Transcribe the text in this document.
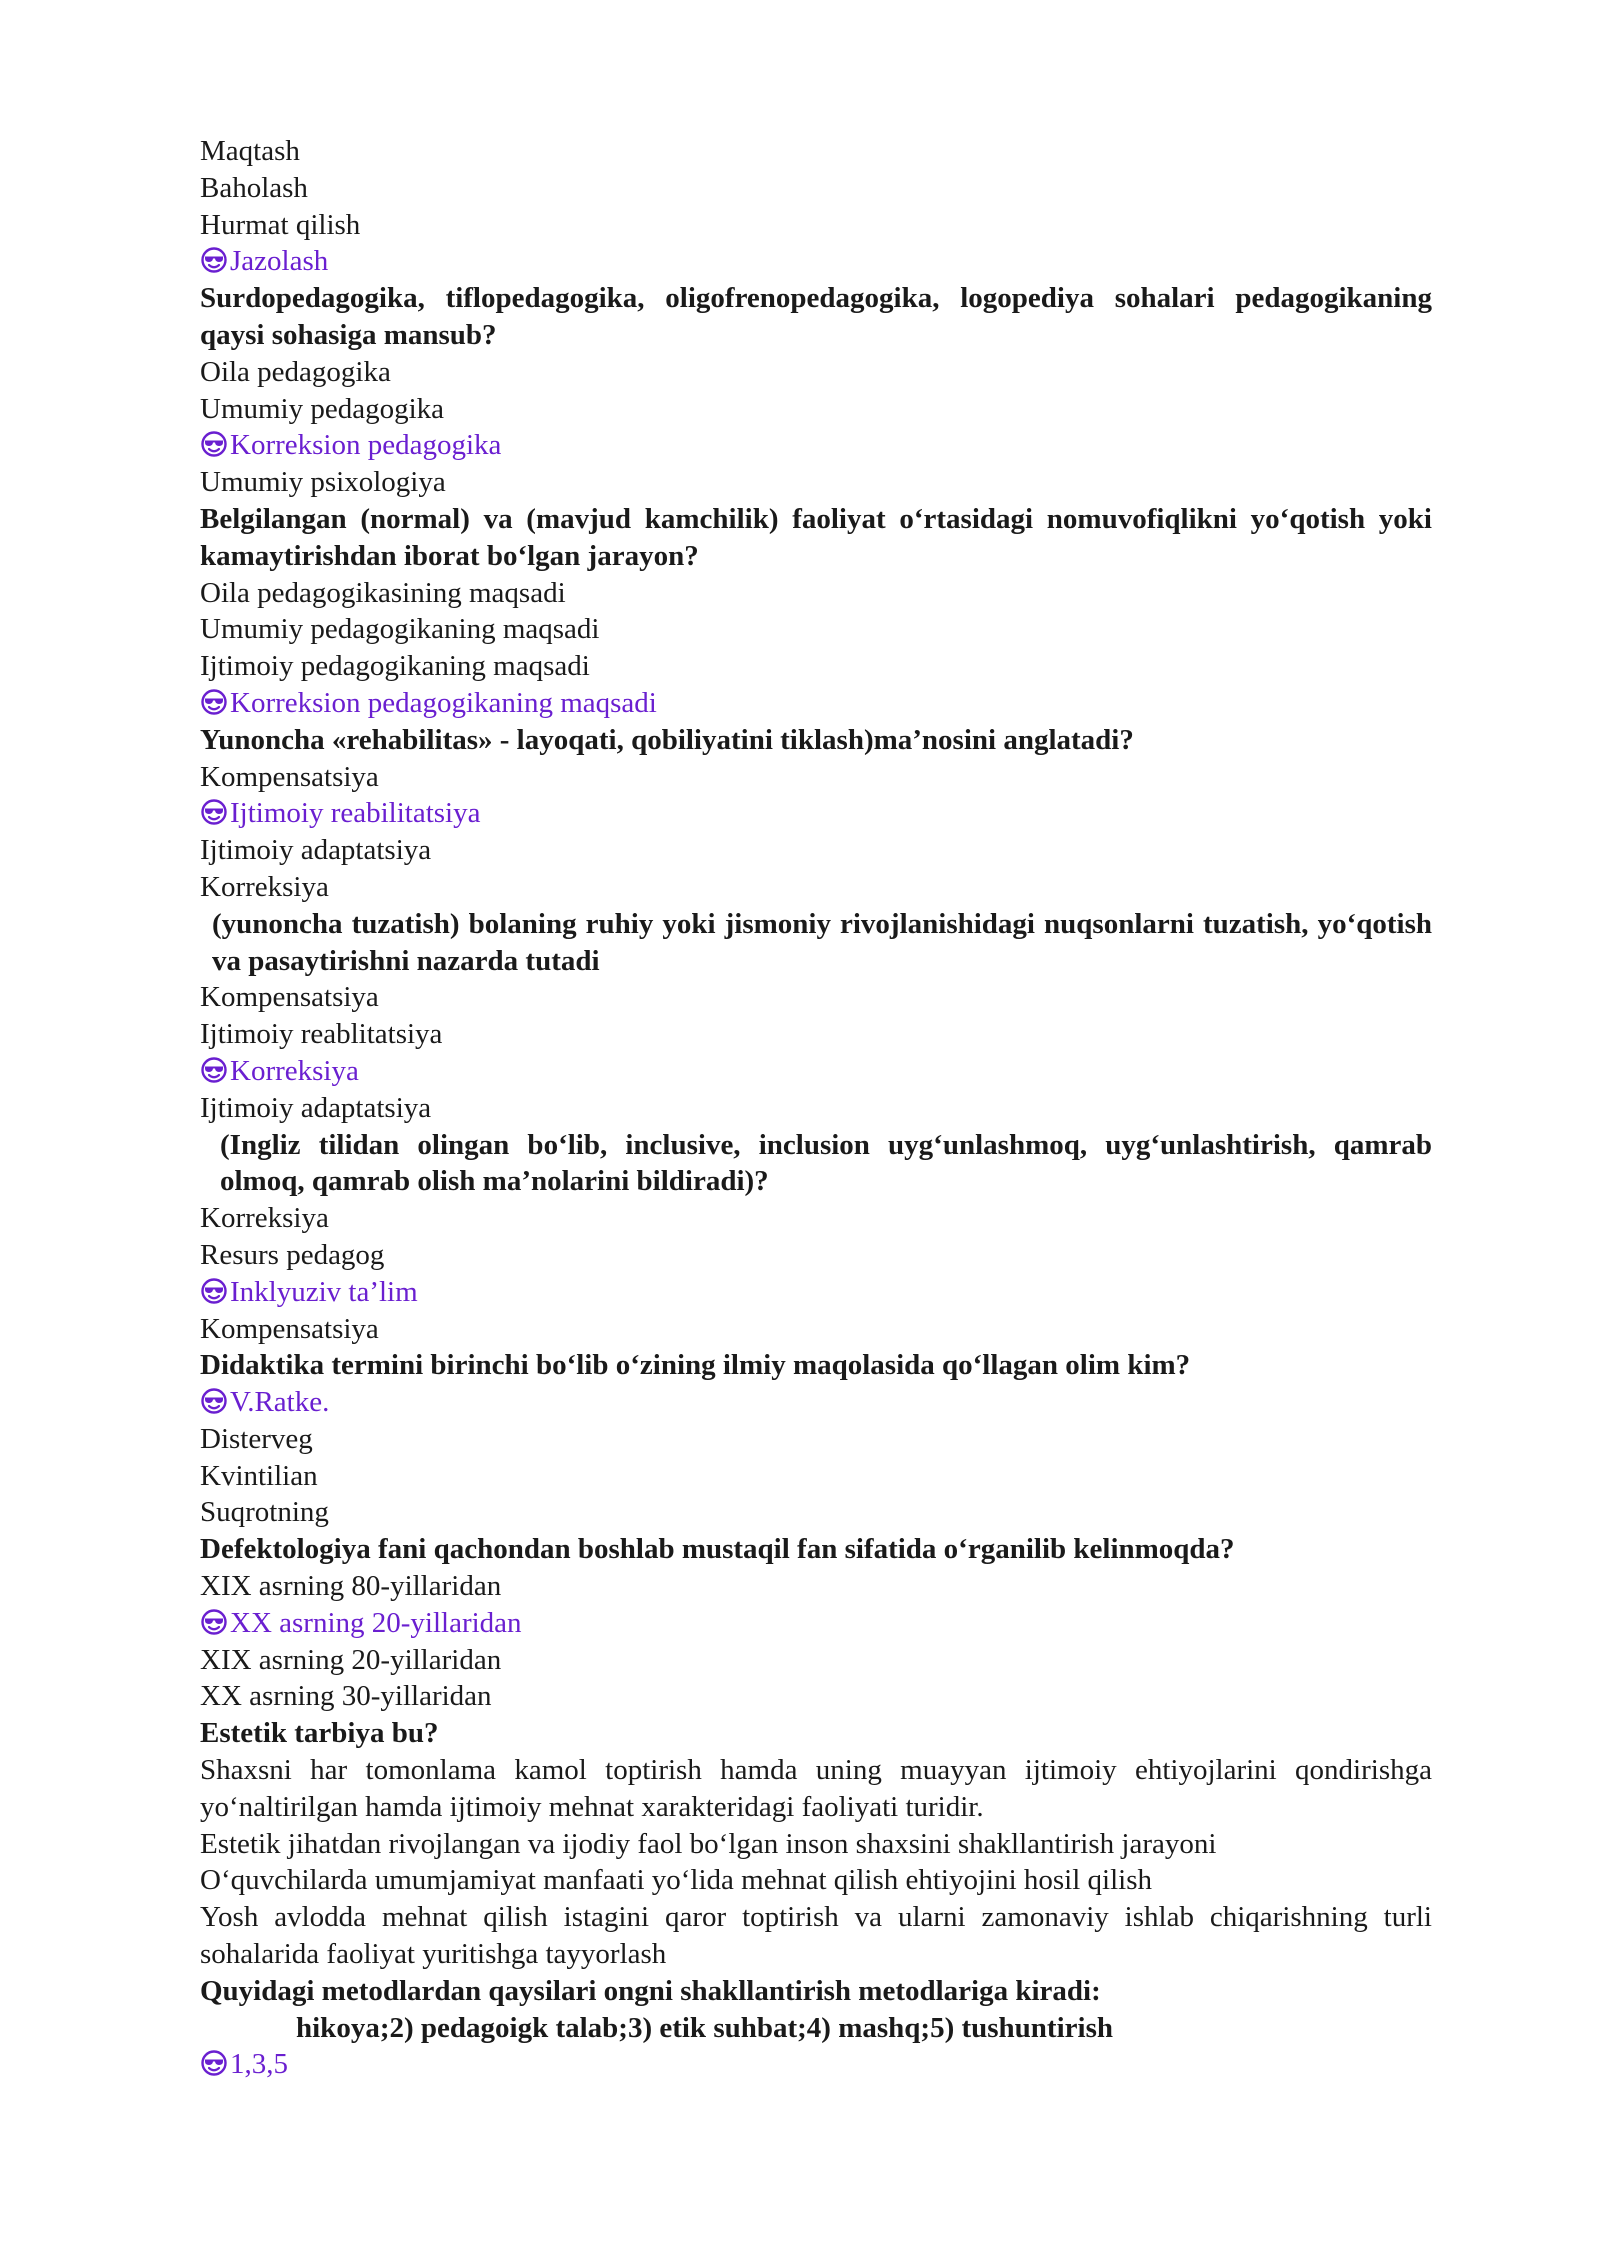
Maqtash
Baholash
Hurmat qilish
Jazolash
Surdopedagogika, tiflopedagogika, oligofrenopedagogika, logopediya sohalari pedagogikaning qaysi sohasiga mansub?
Oila pedagogika
Umumiy pedagogika
Korreksion pedagogika
Umumiy psixologiya
Belgilangan (normal) va (mavjud kamchilik) faoliyat o‘rtasidagi nomuvofiqlikni yo‘qotish yoki kamaytirishdan iborat bo‘lgan jarayon?
Oila pedagogikasining maqsadi
Umumiy pedagogikaning maqsadi
Ijtimoiy pedagogikaning maqsadi
Korreksion pedagogikaning maqsadi
Yunoncha «rehabilitas» - layoqati, qobiliyatini tiklash)ma’nosini anglatadi?
Kompensatsiya
Ijtimoiy reabilitatsiya
Ijtimoiy adaptatsiya
Korreksiya
(yunoncha tuzatish) bolaning ruhiy yoki jismoniy rivojlanishidagi nuqsonlarni tuzatish, yo‘qotish va pasaytirishni nazarda tutadi
Kompensatsiya
Ijtimoiy reablitatsiya
Korreksiya
Ijtimoiy adaptatsiya
(Ingliz tilidan olingan bo‘lib, inclusive, inclusion uyg‘unlashmoq, uyg‘unlashtirish, qamrab olmoq, qamrab olish ma’nolarini bildiradi)?
Korreksiya
Resurs pedagog
Inklyuziv ta’lim
Kompensatsiya
Didaktika termini birinchi bo‘lib o‘zining ilmiy maqolasida qo‘llagan olim kim?
V.Ratke.
Disterveg
Kvintilian
Suqrotning
Defektologiya fani qachondan boshlab mustaqil fan sifatida o‘rganilib kelinmoqda?
XIX asrning 80-yillaridan
XX asrning 20-yillaridan
XIX asrning 20-yillaridan
XX asrning 30-yillaridan
Estetik tarbiya bu?
Shaxsni har tomonlama kamol toptirish hamda uning muayyan ijtimoiy ehtiyojlarini qondirishga yo‘naltirilgan hamda ijtimoiy mehnat xarakteridagi faoliyati turidir.
Estetik jihatdan rivojlangan va ijodiy faol bo‘lgan inson shaxsini shakllantirish jarayoni
O‘quvchilarda umumjamiyat manfaati yo‘lida mehnat qilish ehtiyojini hosil qilish
Yosh avlodda mehnat qilish istagini qaror toptirish va ularni zamonaviy ishlab chiqarishning turli sohalarida faoliyat yuritishga tayyorlash
Quyidagi metodlardan qaysilari ongni shakllantirish metodlariga kiradi:
hikoya;2) pedagoigk talab;3) etik suhbat;4) mashq;5) tushuntirish
1,3,5
